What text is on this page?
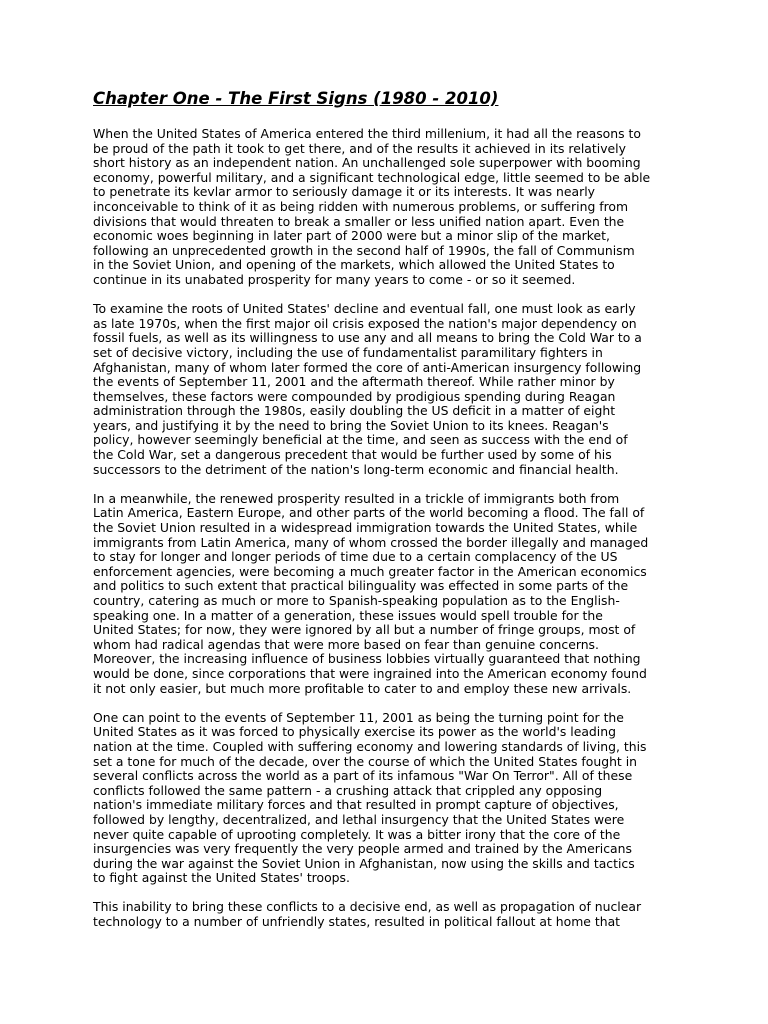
Chapter One - The First Signs (1980 - 2010)

When the United States of America entered the third millenium, it had all the reasons to
be proud of the path it took to get there, and of the results it achieved in its relatively
short history as an independent nation. An unchallenged sole superpower with booming
economy, powerful military, and a significant technological edge, little seemed to be able
to penetrate its kevlar armor to seriously damage it or its interests. It was nearly
inconceivable to think of it as being ridden with numerous problems, or suffering from
divisions that would threaten to break a smaller or less unified nation apart. Even the
economic woes beginning in later part of 2000 were but a minor slip of the market,
following an unprecedented growth in the second half of 1990s, the fall of Communism
in the Soviet Union, and opening of the markets, which allowed the United States to
continue in its unabated prosperity for many years to come - or so it seemed.

To examine the roots of United States' decline and eventual fall, one must look as early
as late 1970s, when the first major oil crisis exposed the nation's major dependency on
fossil fuels, as well as its willingness to use any and all means to bring the Cold War to a
set of decisive victory, including the use of fundamentalist paramilitary fighters in
Afghanistan, many of whom later formed the core of anti-American insurgency following
the events of September 11, 2001 and the aftermath thereof. While rather minor by
themselves, these factors were compounded by prodigious spending during Reagan
administration through the 1980s, easily doubling the US deficit in a matter of eight
years, and justifying it by the need to bring the Soviet Union to its knees. Reagan's
policy, however seemingly beneficial at the time, and seen as success with the end of
the Cold War, set a dangerous precedent that would be further used by some of his
successors to the detriment of the nation's long-term economic and financial health.

In a meanwhile, the renewed prosperity resulted in a trickle of immigrants both from
Latin America, Eastern Europe, and other parts of the world becoming a flood. The fall of
the Soviet Union resulted in a widespread immigration towards the United States, while
immigrants from Latin America, many of whom crossed the border illegally and managed
to stay for longer and longer periods of time due to a certain complacency of the US
enforcement agencies, were becoming a much greater factor in the American economics
and politics to such extent that practical bilinguality was effected in some parts of the
country, catering as much or more to Spanish-speaking population as to the English-
speaking one. In a matter of a generation, these issues would spell trouble for the
United States; for now, they were ignored by all but a number of fringe groups, most of
whom had radical agendas that were more based on fear than genuine concerns.
Moreover, the increasing influence of business lobbies virtually guaranteed that nothing
would be done, since corporations that were ingrained into the American economy found
it not only easier, but much more profitable to cater to and employ these new arrivals.

One can point to the events of September 11, 2001 as being the turning point for the
United States as it was forced to physically exercise its power as the world's leading
nation at the time. Coupled with suffering economy and lowering standards of living, this
set a tone for much of the decade, over the course of which the United States fought in
several conflicts across the world as a part of its infamous "War On Terror". All of these
conflicts followed the same pattern - a crushing attack that crippled any opposing
nation's immediate military forces and that resulted in prompt capture of objectives,
followed by lengthy, decentralized, and lethal insurgency that the United States were
never quite capable of uprooting completely. It was a bitter irony that the core of the
insurgencies was very frequently the very people armed and trained by the Americans
during the war against the Soviet Union in Afghanistan, now using the skills and tactics
to fight against the United States' troops.

This inability to bring these conflicts to a decisive end, as well as propagation of nuclear
technology to a number of unfriendly states, resulted in political fallout at home that
